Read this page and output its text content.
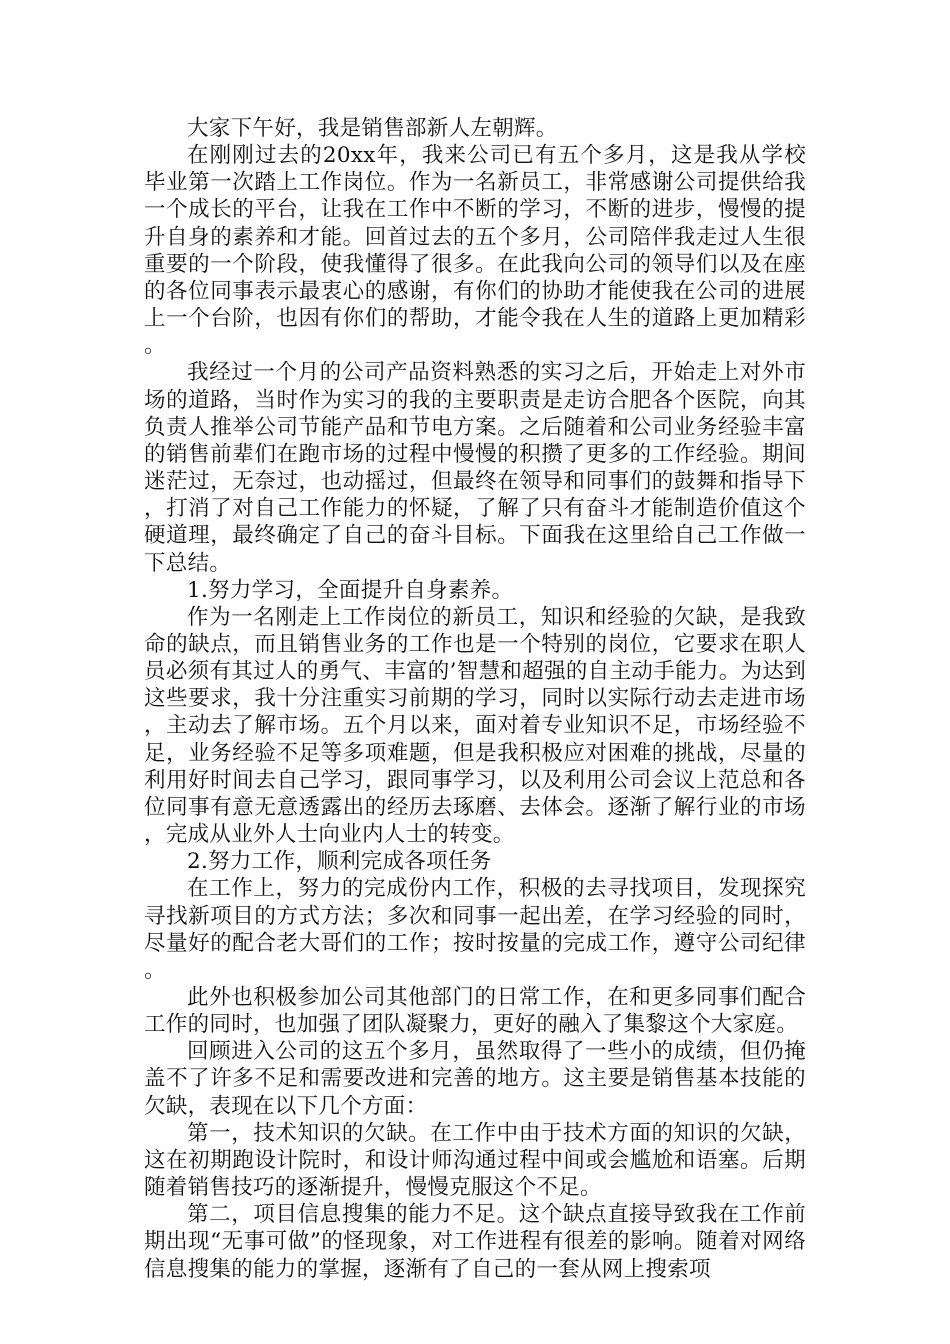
大家下午好，我是销售部新人左朝辉。

在刚刚过去的20xx年，我来公司已有五个多月，这是我从学校毕业第一次踏上工作岗位。作为一名新员工，非常感谢公司提供给我一个成长的平台，让我在工作中不断的学习，不断的进步，慢慢的提升自身的素养和才能。回首过去的五个多月，公司陪伴我走过人生很重要的一个阶段，使我懂得了很多。在此我向公司的领导们以及在座的各位同事表示最衷心的感谢，有你们的协助才能使我在公司的进展上一个台阶，也因有你们的帮助，才能令我在人生的道路上更加精彩。

我经过一个月的公司产品资料熟悉的实习之后，开始走上对外市场的道路，当时作为实习的我的主要职责是走访合肥各个医院，向其负责人推举公司节能产品和节电方案。之后随着和公司业务经验丰富的销售前辈们在跑市场的过程中慢慢的积攒了更多的工作经验。期间迷茫过，无奈过，也动摇过，但最终在领导和同事们的鼓舞和指导下，打消了对自己工作能力的怀疑，了解了只有奋斗才能制造价值这个硬道理，最终确定了自己的奋斗目标。下面我在这里给自己工作做一下总结。

1.努力学习，全面提升自身素养。

作为一名刚走上工作岗位的新员工，知识和经验的欠缺，是我致命的缺点，而且销售业务的工作也是一个特别的岗位，它要求在职人员必须有其过人的勇气、丰富的’智慧和超强的自主动手能力。为达到这些要求，我十分注重实习前期的学习，同时以实际行动去走进市场，主动去了解市场。五个月以来，面对着专业知识不足，市场经验不足，业务经验不足等多项难题，但是我积极应对困难的挑战，尽量的利用好时间去自己学习，跟同事学习，以及利用公司会议上范总和各位同事有意无意透露出的经历去琢磨、去体会。逐渐了解行业的市场，完成从业外人士向业内人士的转变。

2.努力工作，顺利完成各项任务

在工作上，努力的完成份内工作，积极的去寻找项目，发现探究寻找新项目的方式方法；多次和同事一起出差，在学习经验的同时，尽量好的配合老大哥们的工作；按时按量的完成工作，遵守公司纪律。

此外也积极参加公司其他部门的日常工作，在和更多同事们配合工作的同时，也加强了团队凝聚力，更好的融入了集黎这个大家庭。

回顾进入公司的这五个多月，虽然取得了一些小的成绩，但仍掩盖不了许多不足和需要改进和完善的地方。这主要是销售基本技能的欠缺，表现在以下几个方面：

第一，技术知识的欠缺。在工作中由于技术方面的知识的欠缺，这在初期跑设计院时，和设计师沟通过程中间或会尴尬和语塞。后期随着销售技巧的逐渐提升，慢慢克服这个不足。

第二，项目信息搜集的能力不足。这个缺点直接导致我在工作前期出现“无事可做”的怪现象，对工作进程有很差的影响。随着对网络信息搜集的能力的掌握，逐渐有了自己的一套从网上搜索项
